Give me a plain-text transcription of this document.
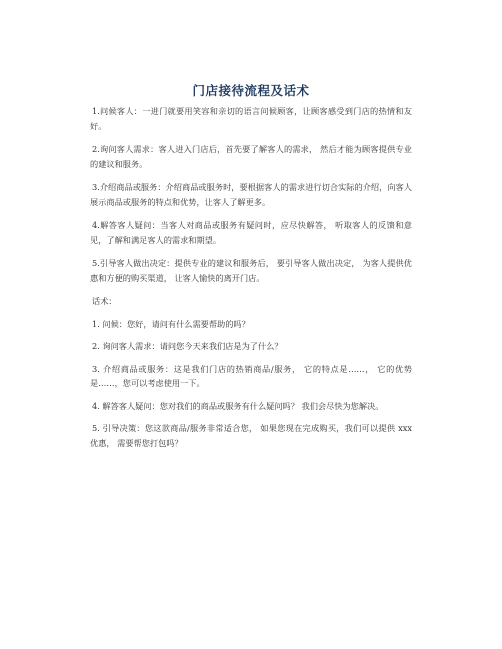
门店接待流程及话术

1.问候客人：一进门就要用笑容和亲切的语言问候顾客，让顾客感受到门店的热情和友好。

2.询问客人需求：客人进入门店后，首先要了解客人的需求， 然后才能为顾客提供专业的建议和服务。

3.介绍商品或服务：介绍商品或服务时，要根据客人的需求进行切合实际的介绍，向客人展示商品或服务的特点和优势，让客人了解更多。

4.解答客人疑问：当客人对商品或服务有疑问时，应尽快解答， 听取客人的反馈和意见，了解和满足客人的需求和期望。

5.引导客人做出决定：提供专业的建议和服务后， 要引导客人做出决定， 为客人提供优惠和方便的购买渠道， 让客人愉快的离开门店。

话术：

1. 问候：您好，请问有什么需要帮助的吗？

2. 询问客人需求：请问您今天来我们店是为了什么？

3. 介绍商品或服务：这是我们门店的热销商品/服务， 它的特点是……， 它的优势是……，您可以考虑使用一下。

4. 解答客人疑问：您对我们的商品或服务有什么疑问吗？ 我们会尽快为您解决。

5. 引导决策：您这款商品/服务非常适合您， 如果您现在完成购买，我们可以提供 xxx 优惠， 需要帮您打包吗？
